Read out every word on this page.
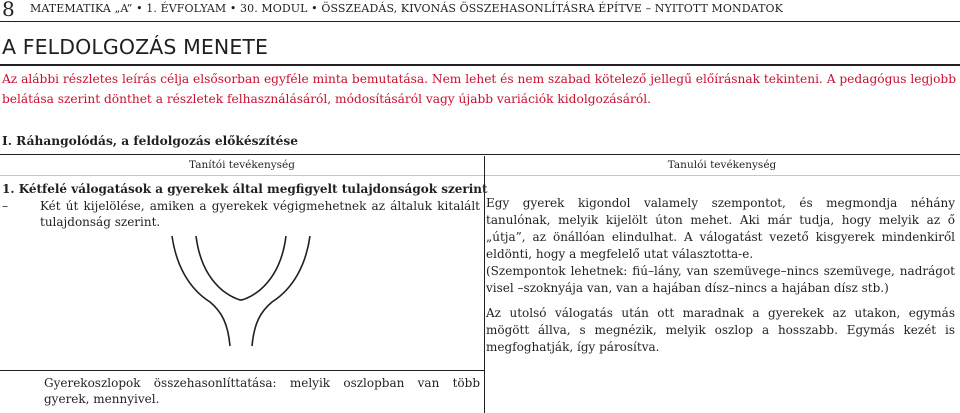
8 MATEMATIKA „A” • 1. ÉVFOLYAM • 30. MODUL • ÖSSZEADÁS, KIVONÁS ÖSSZEHASONLÍTÁSRA ÉPÍTVE – NYITOTT MONDATOK
A FELDOLGOZÁS MENETE
Az alábbi részletes leírás célja elsősorban egyféle minta bemutatása. Nem lehet és nem szabad kötelező jellegű előírásnak tekinteni. A pedagógus legjobb belátása szerint dönthet a részletek felhasználásáról, módosításáról vagy újabb variációk kidolgozásáról.
I. Ráhangolódás, a feldolgozás előkészítése
Tanítói tevékenység	Tanulói tevékenység
1. Kétfelé válogatások a gyerekek által megfigyelt tulajdonságok szerint
–	Két út kijelölése, amiken a gyerekek végigmehetnek az általuk kitalált tulajdonság szerint.
Egy gyerek kigondol valamely szempontot, és megmondja néhány tanulónak, melyik kijelölt úton mehet. Aki már tudja, hogy melyik az ő „útja”, az önállóan elindulhat. A válogatást vezető kisgyerek mindenkiről eldönti, hogy a megfelelő utat választotta-e.
(Szempontok lehetnek: fiú–lány, van szemüvege–nincs szemüvege, nadrágot visel –szoknyája van, van a hajában dísz–nincs a hajában dísz stb.)
Az utolsó válogatás után ott maradnak a gyerekek az utakon, egymás mögött állva, s megnézik, melyik oszlop a hosszabb. Egymás kezét is megfoghatják, így párosítva.
Gyerekoszlopok összehasonlíttatása: melyik oszlopban van több gyerek, mennyivel.
